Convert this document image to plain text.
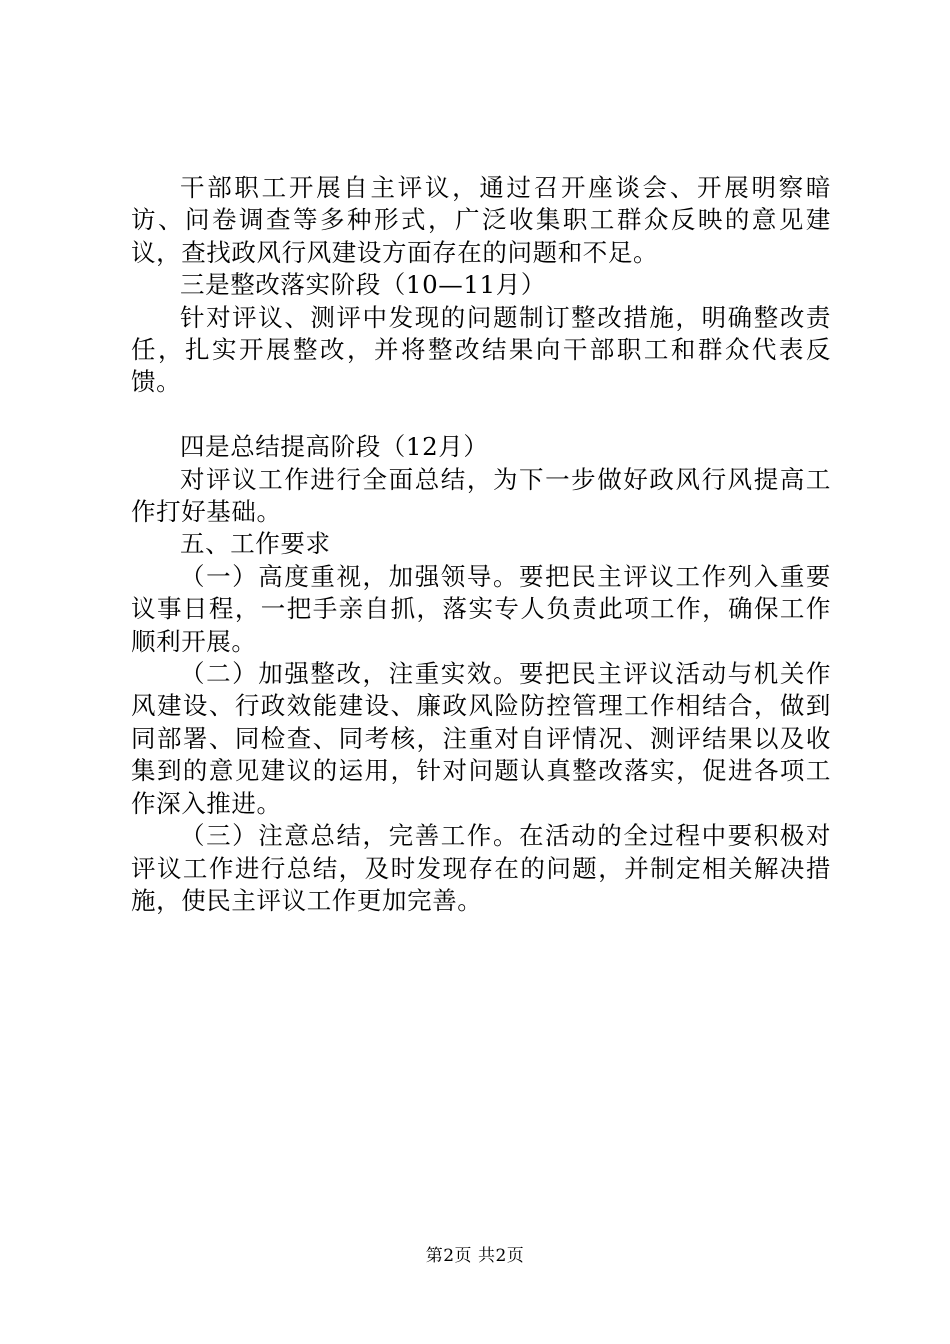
干部职工开展自主评议，通过召开座谈会、开展明察暗访、问卷调查等多种形式，广泛收集职工群众反映的意见建议，查找政风行风建设方面存在的问题和不足。

三是整改落实阶段（10—11月）

针对评议、测评中发现的问题制订整改措施，明确整改责任，扎实开展整改，并将整改结果向干部职工和群众代表反馈。

四是总结提高阶段（12月）

对评议工作进行全面总结，为下一步做好政风行风提高工作打好基础。

五、工作要求

（一）高度重视，加强领导。要把民主评议工作列入重要议事日程，一把手亲自抓，落实专人负责此项工作，确保工作顺利开展。

（二）加强整改，注重实效。要把民主评议活动与机关作风建设、行政效能建设、廉政风险防控管理工作相结合，做到同部署、同检查、同考核，注重对自评情况、测评结果以及收集到的意见建议的运用，针对问题认真整改落实，促进各项工作深入推进。

（三）注意总结，完善工作。在活动的全过程中要积极对评议工作进行总结，及时发现存在的问题，并制定相关解决措施，使民主评议工作更加完善。

第2页 共2页
